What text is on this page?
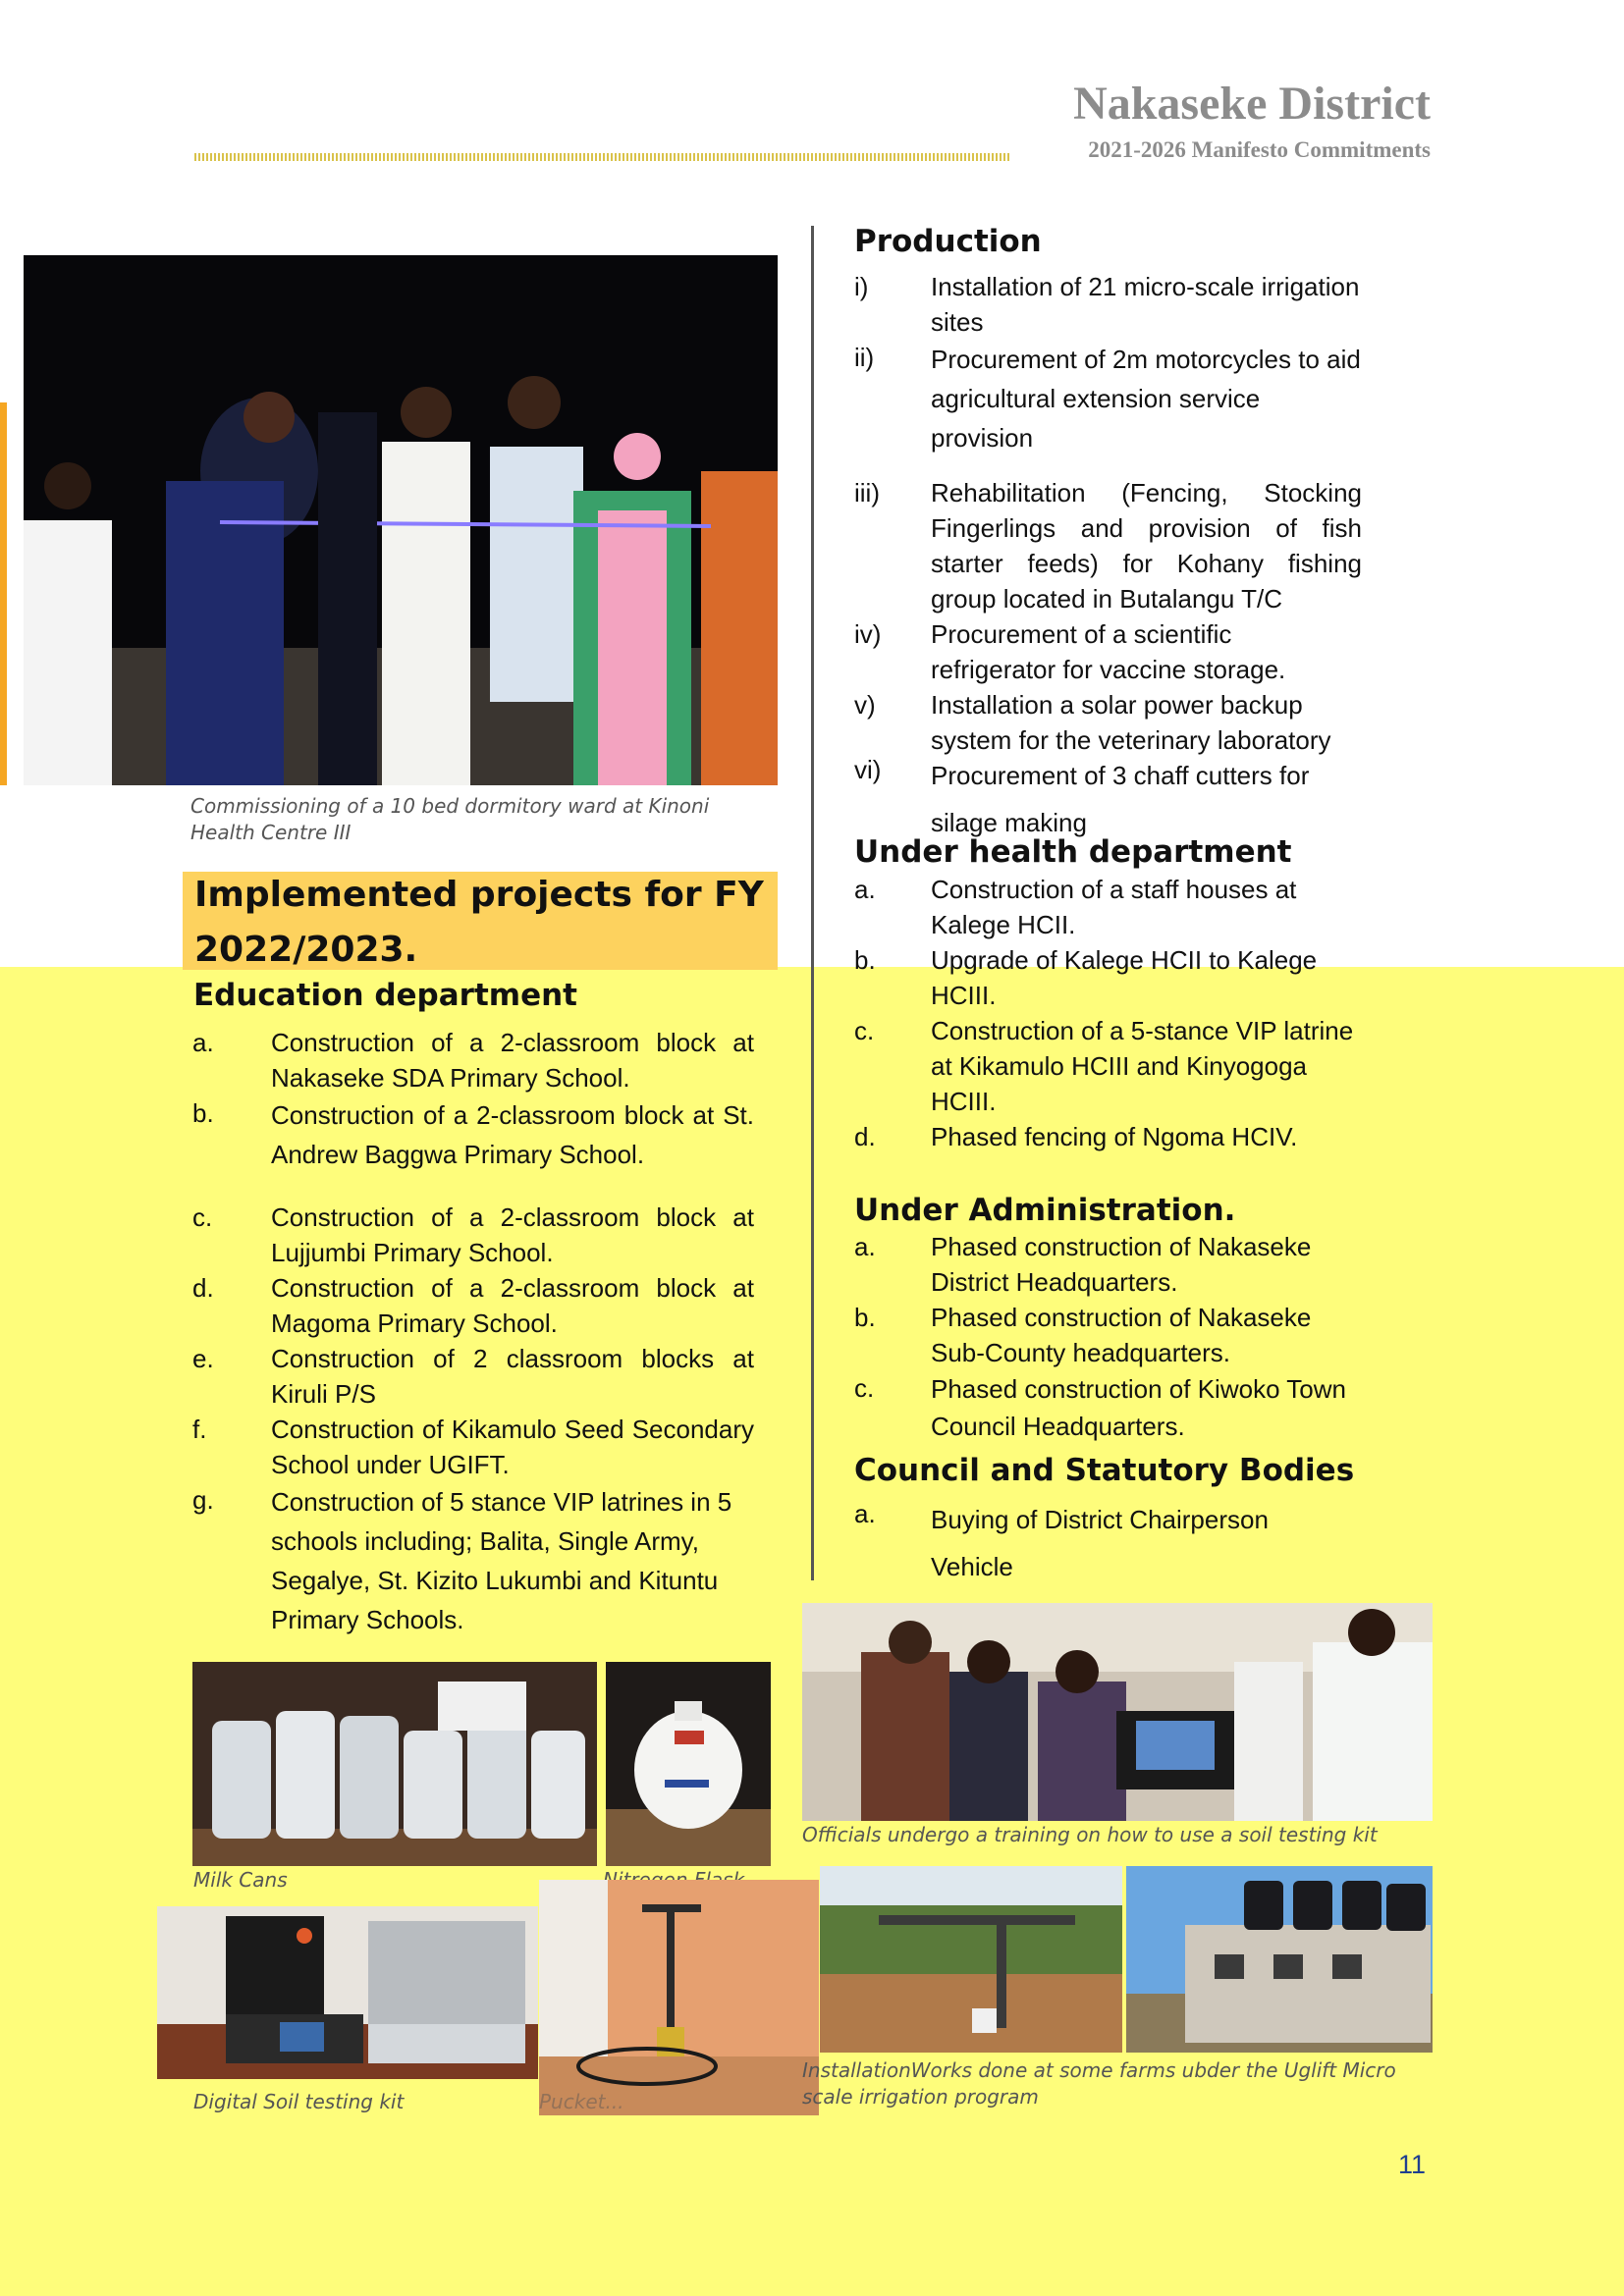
Nakaseke District
2021-2026 Manifesto Commitments
Commissioning of a 10 bed dormitory ward at Kinoni Health Centre III
Implemented projects for FY 2022/2023.
Education department
a.	Construction of a 2-classroom block at Nakaseke SDA Primary School.
b.	Construction of a 2-classroom block at St. Andrew Baggwa Primary School.
c.	Construction of a 2-classroom block at Lujjumbi Primary School.
d.	Construction of a 2-classroom block at Magoma Primary School.
e.	Construction of 2 classroom blocks at Kiruli P/S
f.	Construction of Kikamulo Seed Secondary School under UGIFT.
g.	Construction of 5 stance VIP latrines in 5 schools including; Balita, Single Army, Segalye, St. Kizito Lukumbi and Kituntu Primary Schools.
Production
i)	Installation of 21 micro-scale irrigation sites
ii)	Procurement of 2m motorcycles to aid agricultural extension service provision
iii)	Rehabilitation (Fencing, Stocking Fingerlings and provision of fish starter feeds) for Kohany fishing group located in Butalangu T/C
iv)	Procurement of a scientific refrigerator for vaccine storage.
v)	Installation a solar power backup system for the veterinary laboratory
vi)	Procurement of 3 chaff cutters for silage making
Under health department
a.	Construction of a staff houses at Kalege HCII.
b.	Upgrade of Kalege HCII to Kalege HCIII.
c.	Construction of a 5-stance VIP latrine at Kikamulo HCIII and Kinyogoga HCIII.
d.	Phased fencing of Ngoma HCIV.
Under Administration.
a.	Phased construction of Nakaseke District Headquarters.
b.	Phased construction of Nakaseke Sub-County headquarters.
c.	Phased construction of Kiwoko Town Council Headquarters.
Council and Statutory Bodies
a.	Buying of District Chairperson Vehicle
Milk Cans
Officials undergo a training on how to use a soil testing kit
Digital Soil testing kit	Pucket...
InstallationWorks done at some farms ubder the Uglift Micro scale irrigation program
11
